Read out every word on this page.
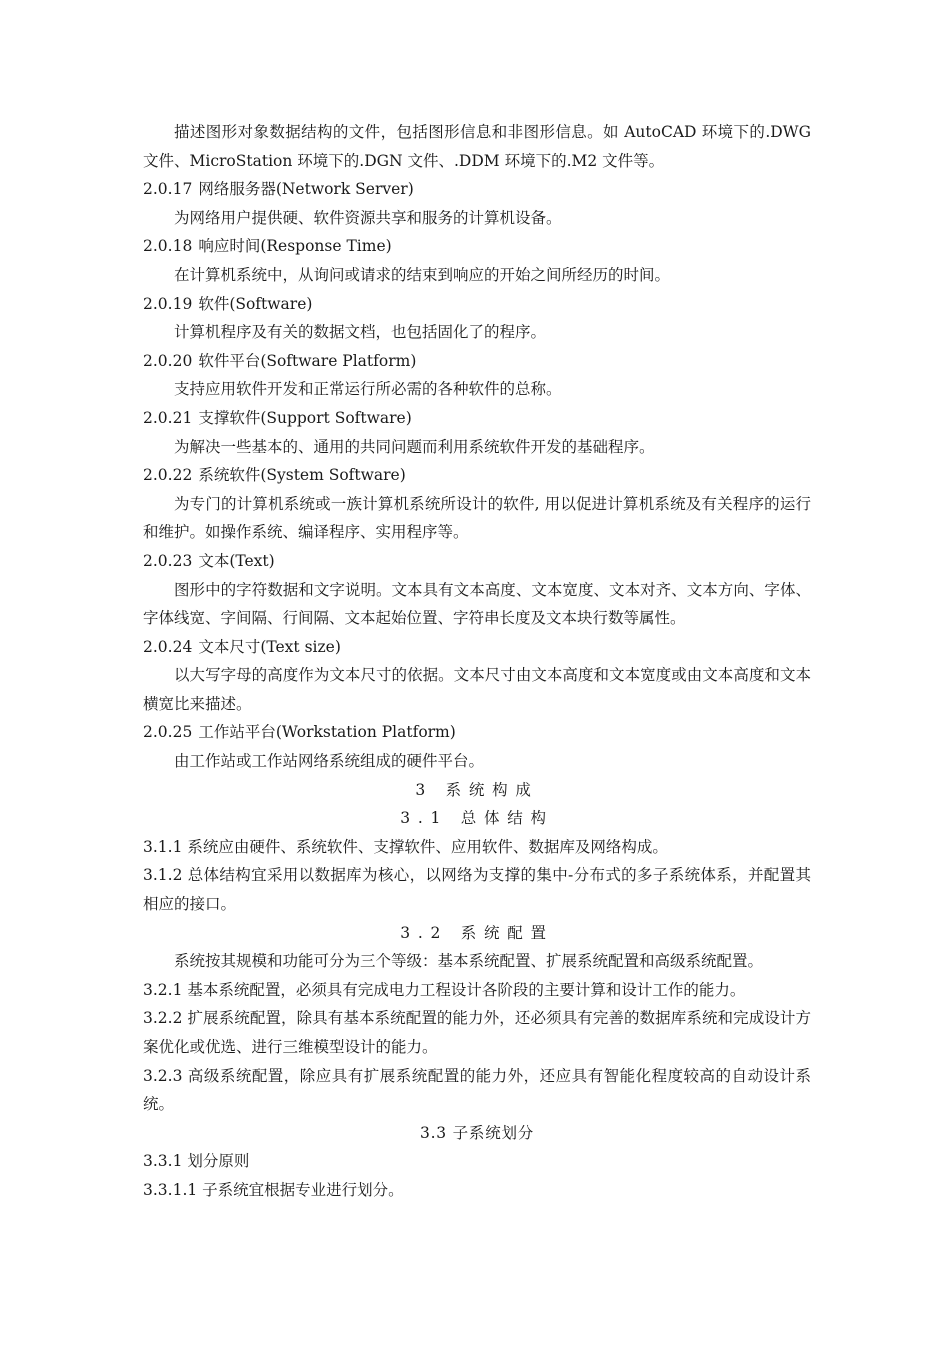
描述图形对象数据结构的文件，包括图形信息和非图形信息。如 AutoCAD 环境下的.DWG 文件、MicroStation 环境下的.DGN 文件、.DDM 环境下的.M2 文件等。
2.0.17 网络服务器(Network Server)
为网络用户提供硬、软件资源共享和服务的计算机设备。
2.0.18 响应时间(Response Time)
在计算机系统中，从询问或请求的结束到响应的开始之间所经历的时间。
2.0.19 软件(Software)
计算机程序及有关的数据文档，也包括固化了的程序。
2.0.20 软件平台(Software Platform)
支持应用软件开发和正常运行所必需的各种软件的总称。
2.0.21 支撑软件(Support Software)
为解决一些基本的、通用的共同问题而利用系统软件开发的基础程序。
2.0.22 系统软件(System Software)
为专门的计算机系统或一族计算机系统所设计的软件, 用以促进计算机系统及有关程序的运行和维护。如操作系统、编译程序、实用程序等。
2.0.23 文本(Text)
图形中的字符数据和文字说明。文本具有文本高度、文本宽度、文本对齐、文本方向、字体、字体线宽、字间隔、行间隔、文本起始位置、字符串长度及文本块行数等属性。
2.0.24 文本尺寸(Text size)
以大写字母的高度作为文本尺寸的依据。文本尺寸由文本高度和文本宽度或由文本高度和文本横宽比来描述。
2.0.25 工作站平台(Workstation Platform)
由工作站或工作站网络系统组成的硬件平台。
3 系统构成
3.1 总体结构
3.1.1 系统应由硬件、系统软件、支撑软件、应用软件、数据库及网络构成。
3.1.2 总体结构宜采用以数据库为核心，以网络为支撑的集中-分布式的多子系统体系，并配置其相应的接口。
3.2 系统配置
系统按其规模和功能可分为三个等级：基本系统配置、扩展系统配置和高级系统配置。
3.2.1 基本系统配置，必须具有完成电力工程设计各阶段的主要计算和设计工作的能力。
3.2.2 扩展系统配置，除具有基本系统配置的能力外，还必须具有完善的数据库系统和完成设计方案优化或优选、进行三维模型设计的能力。
3.2.3 高级系统配置，除应具有扩展系统配置的能力外，还应具有智能化程度较高的自动设计系统。
3.3 子系统划分
3.3.1 划分原则
3.3.1.1 子系统宜根据专业进行划分。
